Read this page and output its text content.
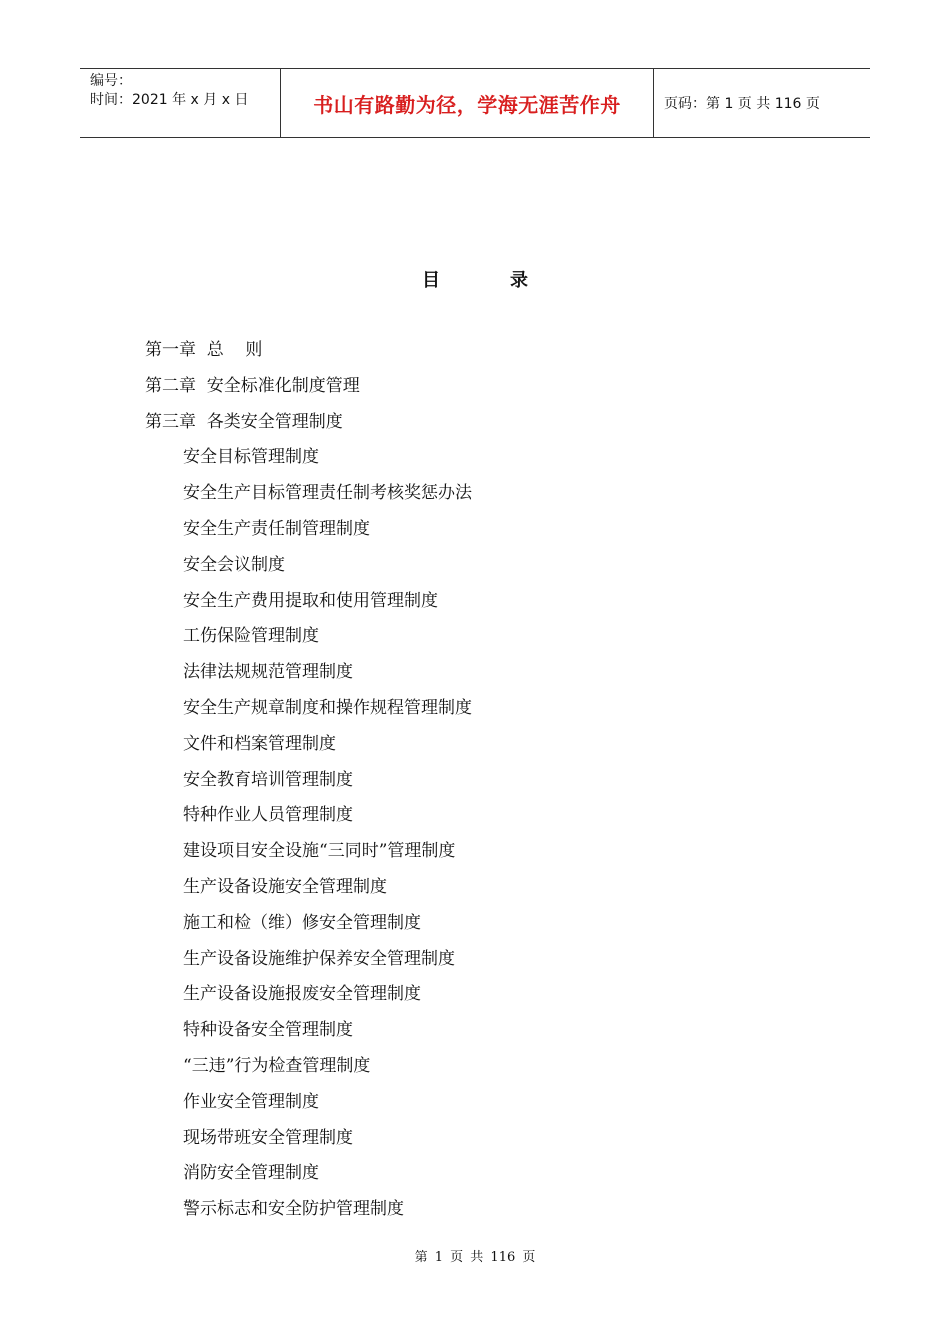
编号：
时间：2021 年 x 月 x 日	书山有路勤为径，学海无涯苦作舟	页码：第 1 页 共 116 页
目	录
第一章  总    则
第二章  安全标准化制度管理
第三章  各类安全管理制度
安全目标管理制度
安全生产目标管理责任制考核奖惩办法
安全生产责任制管理制度
安全会议制度
安全生产费用提取和使用管理制度
工伤保险管理制度
法律法规规范管理制度
安全生产规章制度和操作规程管理制度
文件和档案管理制度
安全教育培训管理制度
特种作业人员管理制度
建设项目安全设施“三同时”管理制度
生产设备设施安全管理制度
施工和检（维）修安全管理制度
生产设备设施维护保养安全管理制度
生产设备设施报废安全管理制度
特种设备安全管理制度
“三违”行为检查管理制度
作业安全管理制度
现场带班安全管理制度
消防安全管理制度
警示标志和安全防护管理制度
第 1 页 共 116 页
